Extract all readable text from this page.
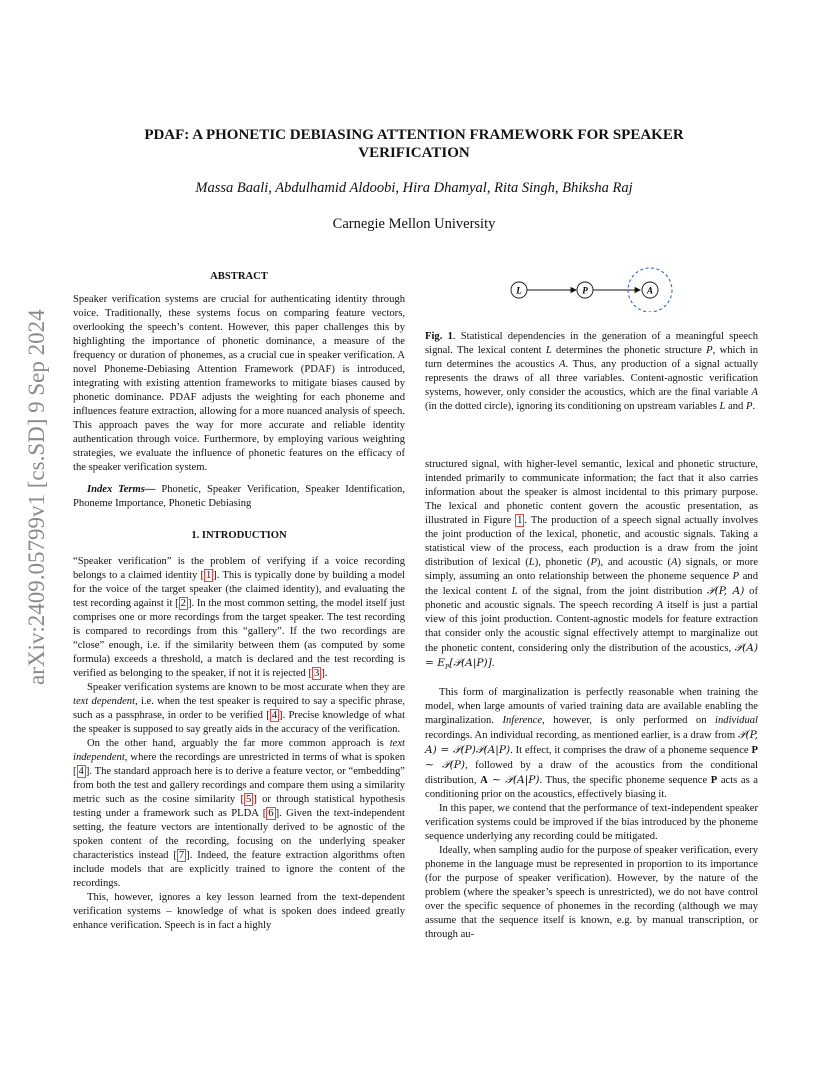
arXiv:2409.05799v1 [cs.SD] 9 Sep 2024
PDAF: A PHONETIC DEBIASING ATTENTION FRAMEWORK FOR SPEAKER
VERIFICATION
Massa Baali, Abdulhamid Aldoobi, Hira Dhamyal, Rita Singh, Bhiksha Raj
Carnegie Mellon University

ABSTRACT

Speaker verification systems are crucial for authenticating identity through voice. Traditionally, these systems focus on comparing feature vectors, overlooking the speech’s content. However, this paper challenges this by highlighting the importance of phonetic dominance, a measure of the frequency or duration of phonemes, as a crucial cue in speaker verification. A novel Phoneme-Debiasing Attention Framework (PDAF) is introduced, integrating with existing attention frameworks to mitigate biases caused by phonetic dominance. PDAF adjusts the weighting for each phoneme and influences feature extraction, allowing for a more nuanced analysis of speech. This approach paves the way for more accurate and reliable identity authentication through voice. Furthermore, by employing various weighting strategies, we evaluate the influence of phonetic features on the efficacy of the speaker verification system.

Index Terms— Phonetic, Speaker Verification, Speaker Identification, Phoneme Importance, Phonetic Debiasing

1. INTRODUCTION

“Speaker verification” is the problem of verifying if a voice recording belongs to a claimed identity [ 1 ]. This is typically done by building a model for the voice of the target speaker (the claimed identity), and evaluating the test recording against it [ 2 ]. In the most common setting, the model itself just comprises one or more recordings from the target speaker. The test recording is compared to recordings from this “gallery”. If the two recordings are “close” enough, i.e. if the similarity between them (as computed by some formula) exceeds a threshold, a match is declared and the test recording is verified as belonging to the speaker, if not it is rejected [ 3 ].

Speaker verification systems are known to be most accurate when they are text dependent, i.e. when the test speaker is required to say a specific phrase, such as a passphrase, in order to be verified [ 4 ]. Precise knowledge of what the speaker is supposed to say greatly aids in the accuracy of the verification.

On the other hand, arguably the far more common approach is text independent, where the recordings are unrestricted in terms of what is spoken [ 4 ]. The standard approach here is to derive a feature vector, or “embedding” from both the test and gallery recordings and compare them using a similarity metric such as the cosine similarity [ 5 ] or through statistical hypothesis testing under a framework such as PLDA [ 6 ]. Given the text-independent setting, the feature vectors are intentionally derived to be agnostic of the spoken content of the recording, focusing on the underlying speaker characteristics instead [ 7 ]. Indeed, the feature extraction algorithms often include models that are explicitly trained to ignore the content of the recordings.

This, however, ignores a key lesson learned from the text-dependent verification systems – knowledge of what is spoken does indeed greatly enhance verification. Speech is in fact a highly

L	P	A
Fig. 1. Statistical dependencies in the generation of a meaningful speech signal. The lexical content L determines the phonetic structure P, which in turn determines the acoustics A. Thus, any production of a signal actually represents the draws of all three variables. Content-agnostic verification systems, however, only consider the acoustics, which are the final variable A (in the dotted circle), ignoring its conditioning on upstream variables L and P.

structured signal, with higher-level semantic, lexical and phonetic structure, intended primarily to communicate information; the fact that it also carries information about the speaker is almost incidental to this primary purpose. The lexical and phonetic content govern the acoustic presentation, as illustrated in Figure 1 . The production of a speech signal actually involves the joint production of the lexical, phonetic, and acoustic signals. Taking a statistical view of the process, each production is a draw from the joint distribution of lexical (L), phonetic (P), and acoustic (A) signals, or more simply, assuming an onto relationship between the phoneme sequence P and the lexical content L of the signal, from the joint distribution 𝒫(P, A) of phonetic and acoustic signals. The speech recording A itself is just a partial view of this joint production. Content-agnostic models for feature extraction that consider only the acoustic signal effectively attempt to marginalize out the phonetic content, considering only the distribution of the acoustics, 𝒫(A) = $E_P[𝒫(A|P)]$.

This form of marginalization is perfectly reasonable when training the model, when large amounts of varied training data are available enabling the marginalization. Inference, however, is only performed on individual recordings. An individual recording, as mentioned earlier, is a draw from 𝒫(P, A) = 𝒫(P)𝒫(A|P). It effect, it comprises the draw of a phoneme sequence P ∼ 𝒫(P), followed by a draw of the acoustics from the conditional distribution, A ∼ 𝒫(A|P). Thus, the specific phoneme sequence P acts as a conditioning prior on the acoustics, effectively biasing it.

In this paper, we contend that the performance of text-independent speaker verification systems could be improved if the bias introduced by the phoneme sequence underlying any recording could be mitigated.

Ideally, when sampling audio for the purpose of speaker verification, every phoneme in the language must be represented in proportion to its importance (for the purpose of speaker verification). However, by the nature of the problem (where the speaker’s speech is unrestricted), we do not have control over the specific sequence of phonemes in the recording (although we may assume that the sequence itself is known, e.g. by manual transcription, or through au-
